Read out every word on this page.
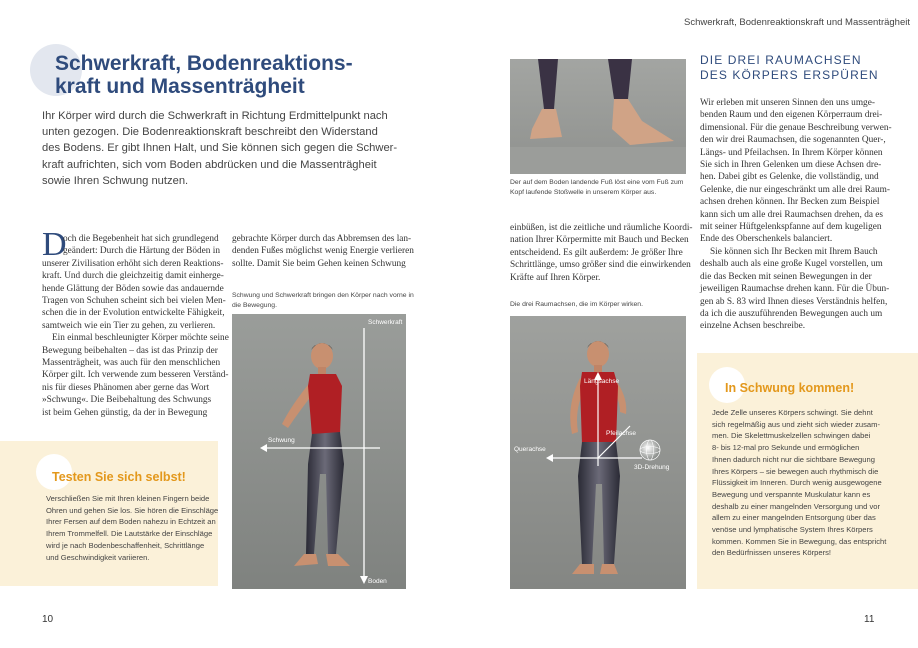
Schwerkraft, Bodenreaktionskraft und Massenträgheit
Schwerkraft, Bodenreaktions-
kraft und Massenträgheit
Ihr Körper wird durch die Schwerkraft in Richtung Erdmittelpunkt nach
unten gezogen. Die Bodenreaktionskraft beschreibt den Widerstand
des Bodens. Er gibt Ihnen Halt, und Sie können sich gegen die Schwer-
kraft aufrichten, sich vom Boden abdrücken und die Massenträgheit
sowie Ihren Schwung nutzen.
D
och die Begebenheit hat sich grundlegend
geändert: Durch die Härtung der Böden in
unserer Zivilisation erhöht sich deren Reaktions-
kraft. Und durch die gleichzeitig damit einherge-
hende Glättung der Böden sowie das andauernde
Tragen von Schuhen scheint sich bei vielen Men-
schen die in der Evolution entwickelte Fähigkeit,
samtweich wie ein Tier zu gehen, zu verlieren.
Ein einmal beschleunigter Körper möchte seine
Bewegung beibehalten – das ist das Prinzip der
Massenträgheit, was auch für den menschlichen
Körper gilt. Ich verwende zum besseren Verständ-
nis für dieses Phänomen aber gerne das Wort
»Schwung«. Die Beibehaltung des Schwungs
ist beim Gehen günstig, da der in Bewegung
gebrachte Körper durch das Abbremsen des lan-
denden Fußes möglichst wenig Energie verlieren
sollte. Damit Sie beim Gehen keinen Schwung
Schwung und Schwerkraft bringen den Körper nach vorne in
die Bewegung.
Schwerkraft
Schwung
Boden
Testen Sie sich selbst!
Verschließen Sie mit Ihren kleinen Fingern beide
Ohren und gehen Sie los. Sie hören die Einschläge
Ihrer Fersen auf dem Boden nahezu in Echtzeit an
Ihrem Trommelfell. Die Lautstärke der Einschläge
wird je nach Bodenbeschaffenheit, Schrittlänge
und Geschwindigkeit variieren.
10
Der auf dem Boden landende Fuß löst eine vom Fuß zum
Kopf laufende Stoßwelle in unserem Körper aus.
einbüßen, ist die zeitliche und räumliche Koordi-
nation Ihrer Körpermitte mit Bauch und Becken
entscheidend. Es gilt außerdem: Je größer Ihre
Schrittlänge, umso größer sind die einwirkenden
Kräfte auf Ihren Körper.
Die drei Raumachsen, die im Körper wirken.
Längsachse
Pfeilachse
Querachse
3D-Drehung
DIE DREI RAUMACHSEN
DES KÖRPERS ERSPÜREN
Wir erleben mit unseren Sinnen den uns umge-
benden Raum und den eigenen Körperraum drei-
dimensional. Für die genaue Beschreibung verwen-
den wir drei Raumachsen, die sogenannten Quer-,
Längs- und Pfeilachsen. In Ihrem Körper können
Sie sich in Ihren Gelenken um diese Achsen dre-
hen. Dabei gibt es Gelenke, die vollständig, und
Gelenke, die nur eingeschränkt um alle drei Raum-
achsen drehen können. Ihr Becken zum Beispiel
kann sich um alle drei Raumachsen drehen, da es
mit seiner Hüftgelenkspfanne auf dem kugeligen
Ende des Oberschenkels balanciert.
Sie können sich Ihr Becken mit Ihrem Bauch
deshalb auch als eine große Kugel vorstellen, um
die das Becken mit seinen Bewegungen in der
jeweiligen Raumachse drehen kann. Für die Übun-
gen ab S. 83 wird Ihnen dieses Verständnis helfen,
da ich die auszuführenden Bewegungen auch um
einzelne Achsen beschreibe.
In Schwung kommen!
Jede Zelle unseres Körpers schwingt. Sie dehnt
sich regelmäßig aus und zieht sich wieder zusam-
men. Die Skelettmuskelzellen schwingen dabei
8- bis 12-mal pro Sekunde und ermöglichen
Ihnen dadurch nicht nur die sichtbare Bewegung
Ihres Körpers – sie bewegen auch rhythmisch die
Flüssigkeit im Inneren. Durch wenig ausgewogene
Bewegung und verspannte Muskulatur kann es
deshalb zu einer mangelnden Versorgung und vor
allem zu einer mangelnden Entsorgung über das
venöse und lymphatische System Ihres Körpers
kommen. Kommen Sie in Bewegung, das entspricht
den Bedürfnissen unseres Körpers!
11
